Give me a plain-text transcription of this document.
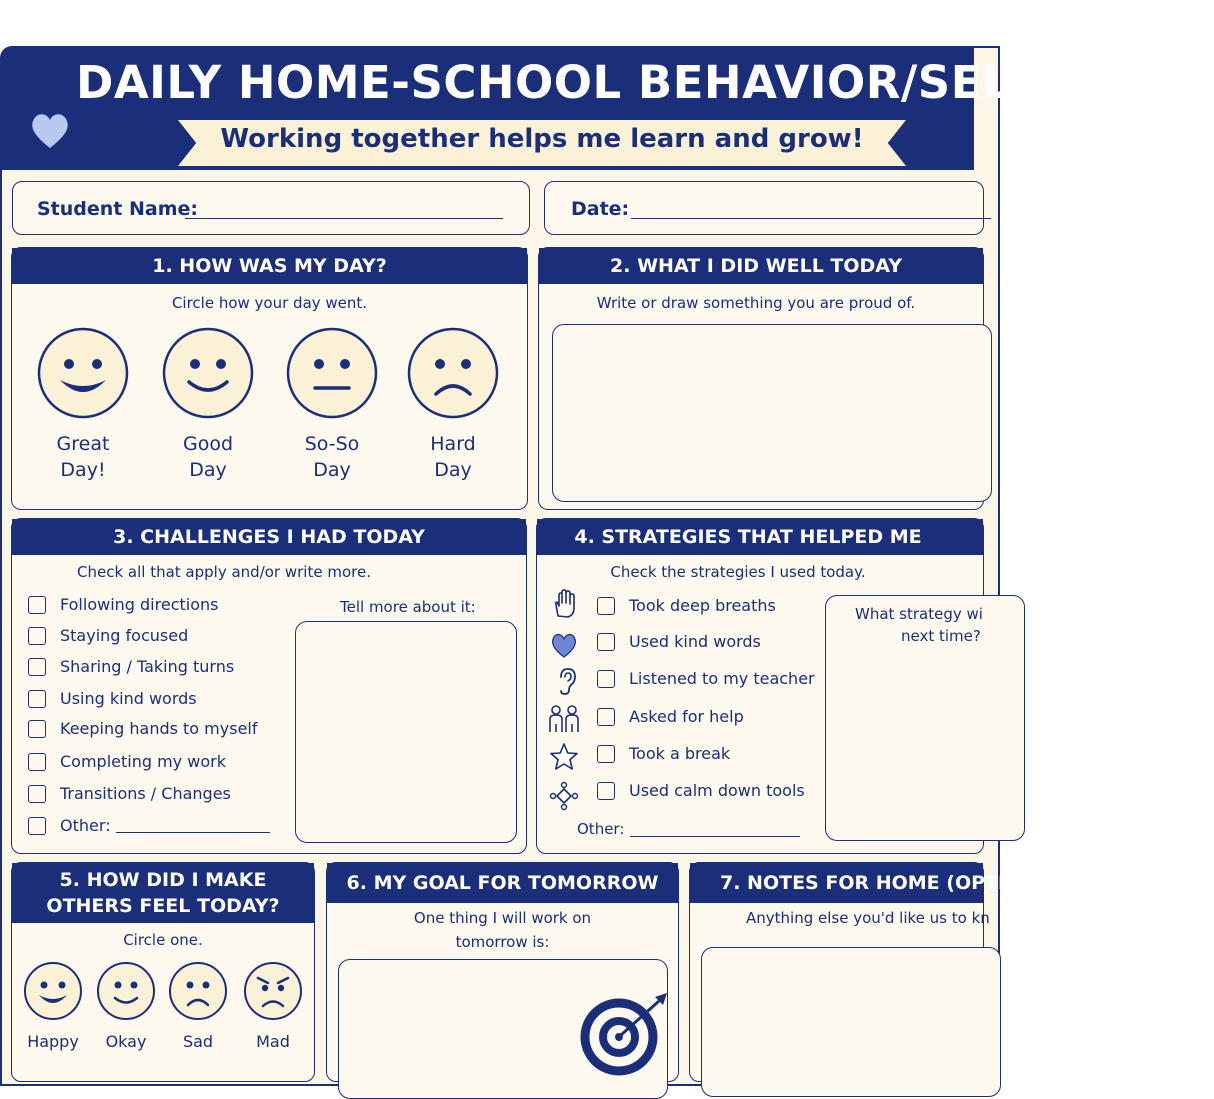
DAILY HOME-SCHOOL BEHAVIOR/SEL CHECK-
Working together helps me learn and grow!
Student Name:	Date:
1. HOW WAS MY DAY?
Circle how your day went.
Great
Day!
Good
Day
So-So
Day
Hard
Day
2. WHAT I DID WELL TODAY
Write or draw something you are proud of.
3. CHALLENGES I HAD TODAY
Check all that apply and/or write more.
Following directions
Staying focused
Sharing / Taking turns
Using kind words
Keeping hands to myself
Completing my work
Transitions / Changes
Other:
Tell more about it:
4. STRATEGIES THAT HELPED ME
Check the strategies I used today.
Took deep breaths
Used kind words
Listened to my teacher
Asked for help
Took a break
Used calm down tools
Other:
What strategy wi
next time?
5. HOW DID I MAKE
OTHERS FEEL TODAY?
Circle one.
Happy	Okay	Sad	Mad
6. MY GOAL FOR TOMORROW
One thing I will work on
tomorrow is:
7. NOTES FOR HOME (OPTION
Anything else you'd like us to kn
